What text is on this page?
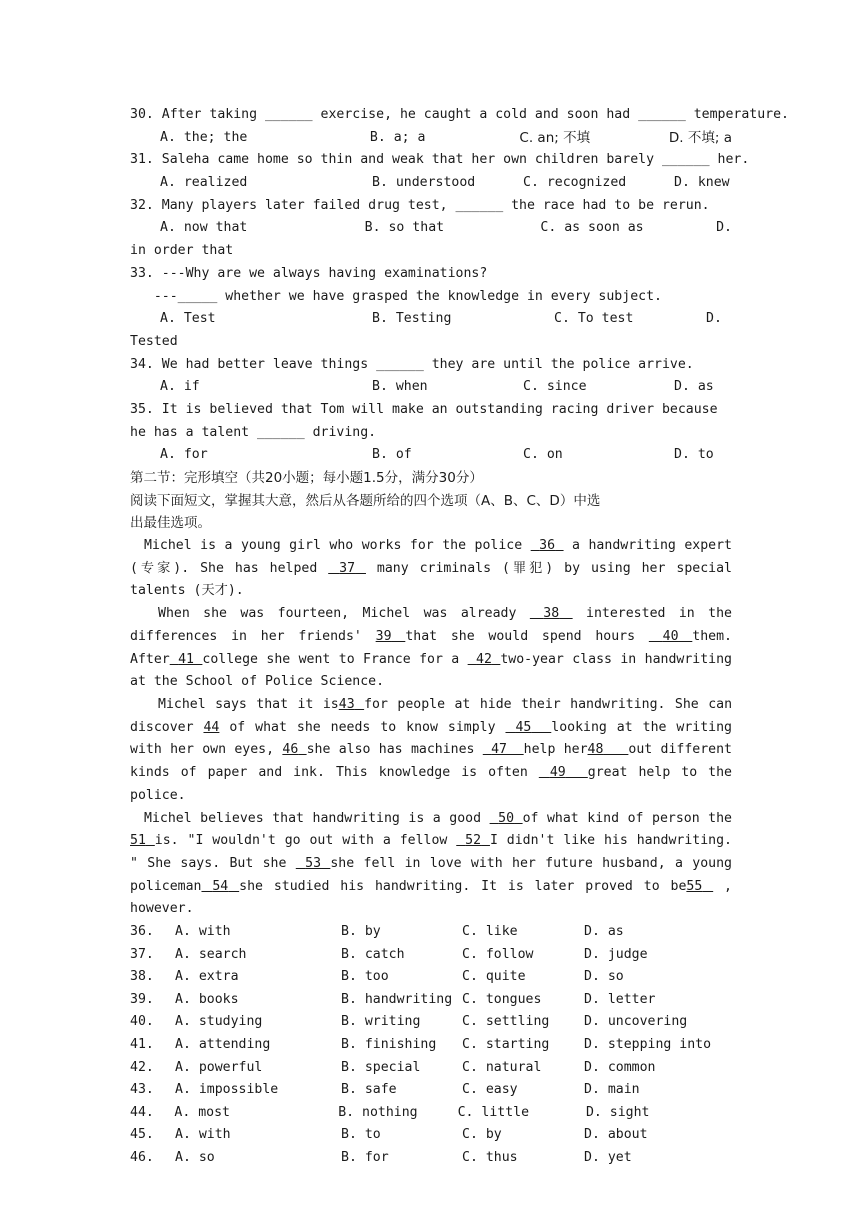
30. After taking ______ exercise, he caught a cold and soon had ______ temperature.
A. the; the	B. a; a	C. an; 不填	D. 不填; a
31. Saleha came home so thin and weak that her own children barely ______ her.
A. realized	B. understood	C. recognized	D. knew
32. Many players later failed drug test, ______ the race had to be rerun.
A. now that	B. so that	C. as soon as	D.
in order that
33. ---Why are we always having examinations?
---_____ whether we have grasped the knowledge in every subject.
A. Test	B. Testing	C. To test	D.
Tested
34. We had better leave things ______ they are until the police arrive.
A. if	B. when	C. since	D. as
35. It is believed that Tom will make an outstanding racing driver because he has a talent ______ driving.
A. for	B. of	C. on	D. to
第二节：完形填空（共20小题；每小题1.5分，满分30分）
阅读下面短文，掌握其大意，然后从各题所给的四个选项（A、B、C、D）中选
出最佳选项。
Michel is a young girl who works for the police  36  a handwriting expert (专家). She has helped  37  many criminals (罪犯) by using her special talents (天才).
When she was fourteen, Michel was already  38  interested in the differences in her friends' 39 that she would spend hours  40 them. After 41 college she went to France for a  42 two-year class in handwriting at the School of Police Science.
Michel says that it is43 for people at hide their handwriting. She can discover 44 of what she needs to know simply  45 looking at the writing with her own eyes, 46 she also has machines  47 help her48 out different kinds of paper and ink. This knowledge is often  49 great help to the police.
Michel believes that handwriting is a good  50 of what kind of person the 51 is. "I wouldn't go out with a fellow  52 I didn't like his handwriting. " She says. But she  53 she fell in love with her future husband, a young policeman 54 she studied his handwriting. It is later proved to be55  , however.
36.	A. with	B. by	C. like	D. as
37.	A. search	B. catch	C. follow	D. judge
38.	A. extra	B. too	C. quite	D. so
39.	A. books	B. handwriting C. tongues	D. letter
40.	A. studying	B. writing	C. settling	D. uncovering
41.	A. attending	B. finishing	C. starting	D. stepping into
42.	A. powerful	B. special	C. natural	D. common
43.	A. impossible	B. safe	C. easy	D. main
44.	A. most	B. nothing	C. little	D. sight
45.	A. with	B. to	C. by	D. about
46.	A. so	B. for	C. thus	D. yet
